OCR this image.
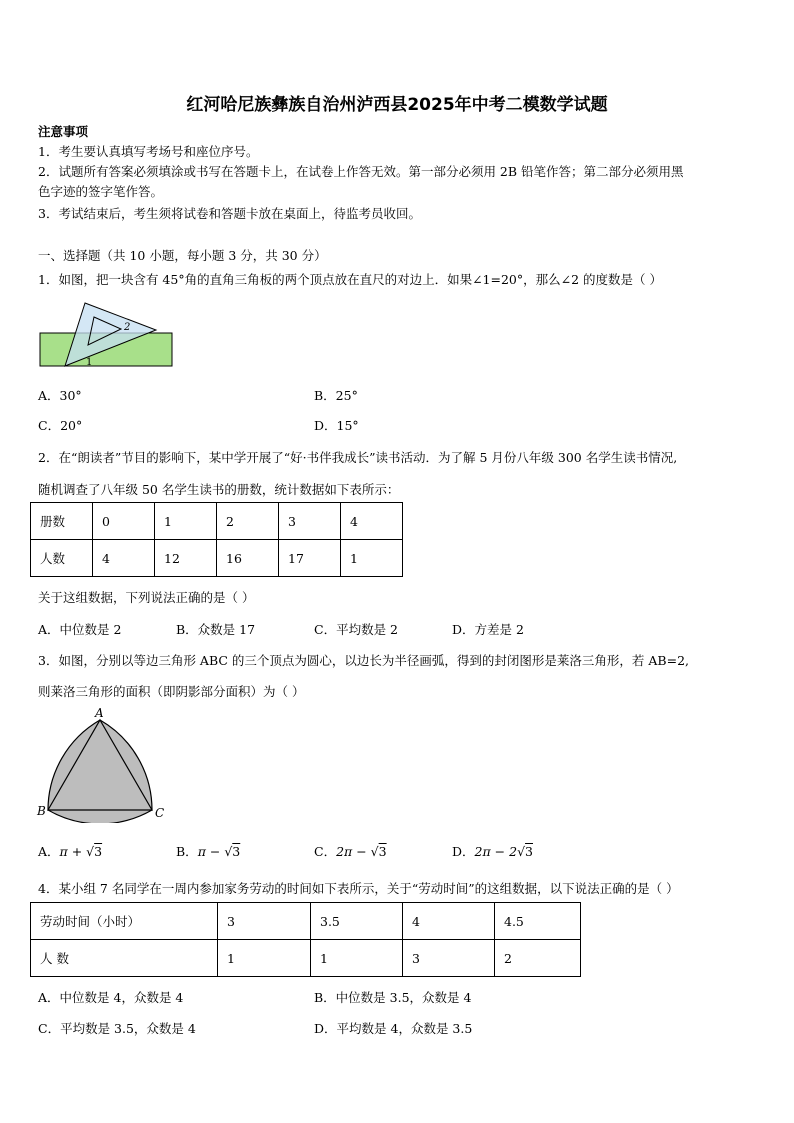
红河哈尼族彝族自治州泸西县2025年中考二模数学试题
注意事项
1．考生要认真填写考场号和座位序号。
2．试题所有答案必须填涂或书写在答题卡上，在试卷上作答无效。第一部分必须用 2B 铅笔作答；第二部分必须用黑
色字迹的签字笔作答。
3．考试结束后，考生须将试卷和答题卡放在桌面上，待监考员收回。
一、选择题（共 10 小题，每小题 3 分，共 30 分）
1．如图，把一块含有 45°角的直角三角板的两个顶点放在直尺的对边上．如果∠1=20°，那么∠2 的度数是（ ）
2
1
A．30°	B．25°
C．20°	D．15°
2．在“朗读者”节目的影响下，某中学开展了“好·书伴我成长”读书活动．为了解 5 月份八年级 300 名学生读书情况,
随机调查了八年级 50 名学生读书的册数，统计数据如下表所示：
册数	0	1	2	3	4
人数	4	12	16	17	1
关于这组数据，下列说法正确的是（ ）
A．中位数是 2	B．众数是 17	C．平均数是 2	D．方差是 2
3．如图，分别以等边三角形 ABC 的三个顶点为圆心，以边长为半径画弧，得到的封闭图形是莱洛三角形，若 AB=2,
则莱洛三角形的面积（即阴影部分面积）为（ ）
A
B	C
A．π + √3	B．π − √3	C．2π − √3	D．2π − 2√3
4．某小组 7 名同学在一周内参加家务劳动的时间如下表所示，关于“劳动时间”的这组数据，以下说法正确的是（ ）
劳动时间（小时）	3	3.5	4	4.5
人 数	1	1	3	2
A．中位数是 4，众数是 4	B．中位数是 3.5，众数是 4
C．平均数是 3.5，众数是 4	D．平均数是 4，众数是 3.5
